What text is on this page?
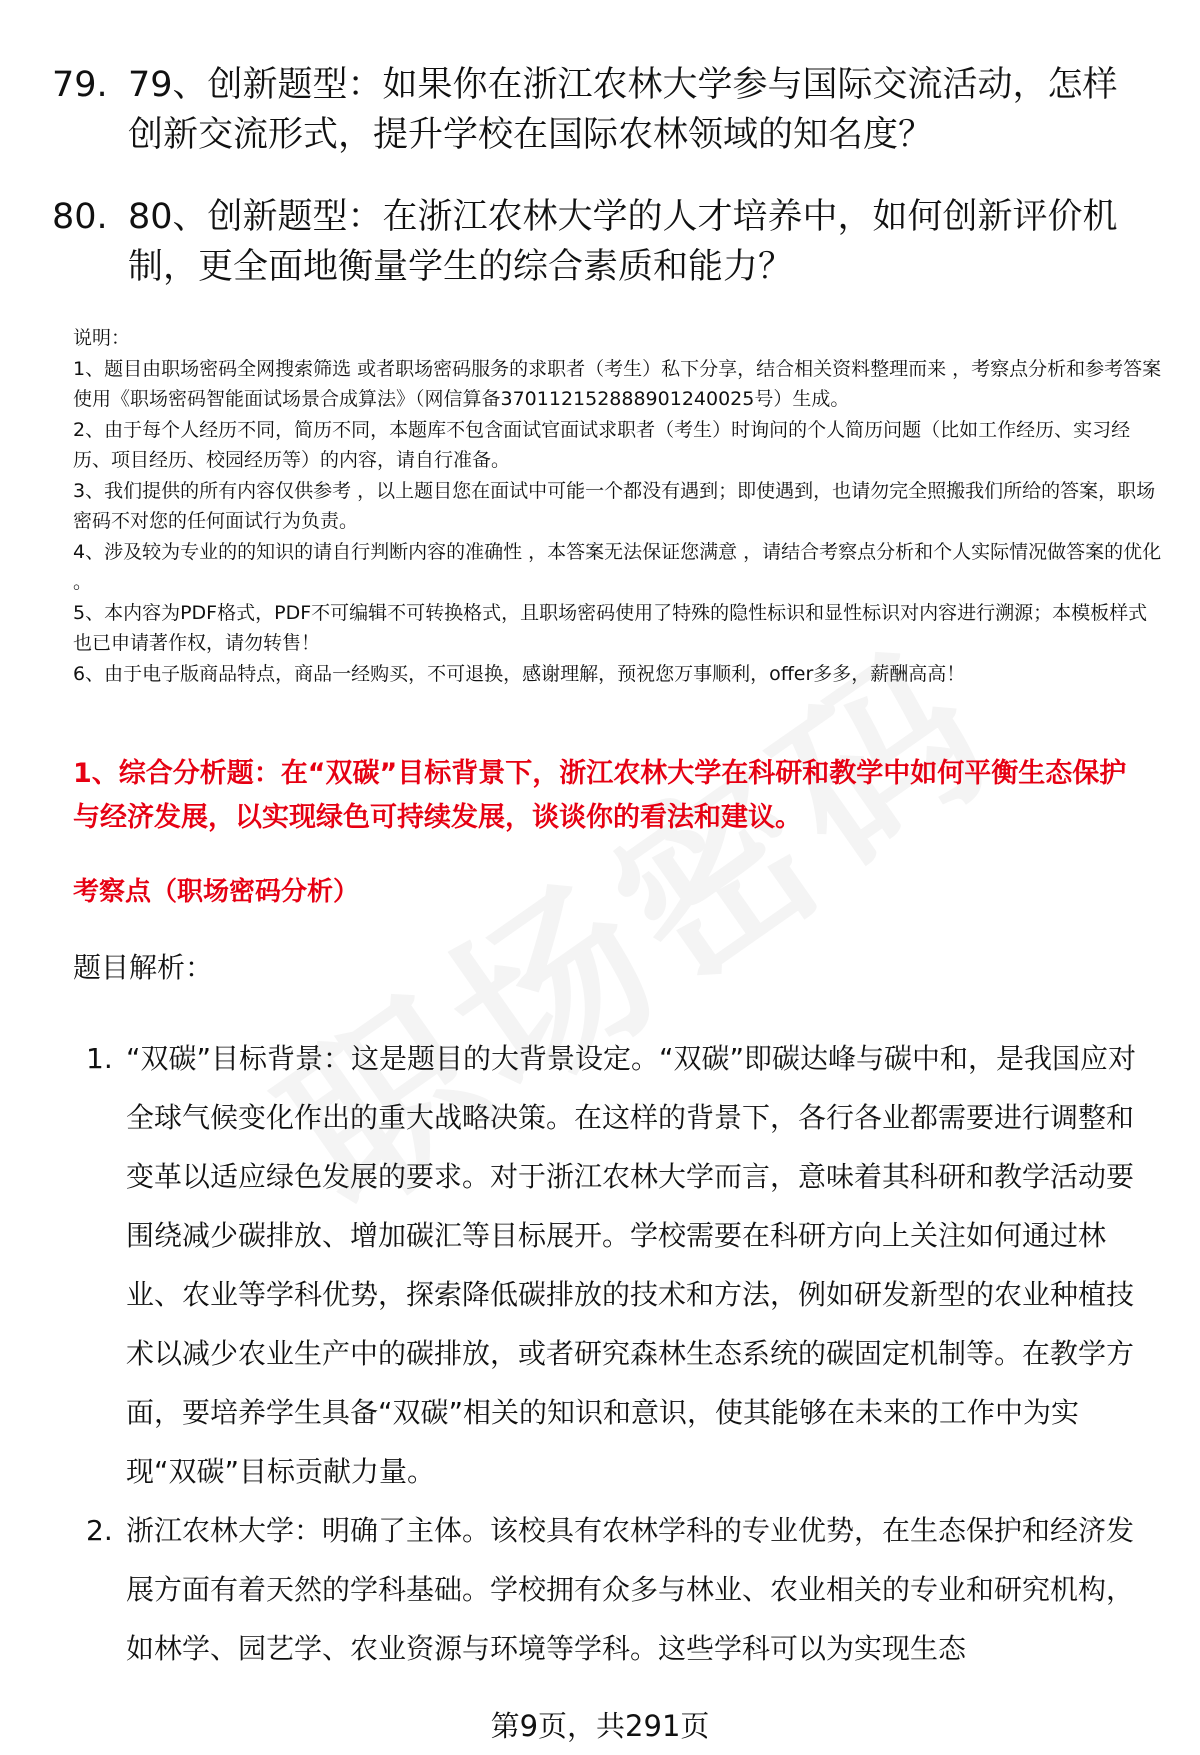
79. 79、创新题型：如果你在浙江农林大学参与国际交流活动，怎样创新交流形式，提升学校在国际农林领域的知名度？
80. 80、创新题型：在浙江农林大学的人才培养中，如何创新评价机制，更全面地衡量学生的综合素质和能力？

说明：

1、题目由职场密码全网搜索筛选 或者职场密码服务的求职者（考生）私下分享，结合相关资料整理而来 ，考察点分析和参考答案使用《职场密码智能面试场景合成算法》（网信算备370112152888901240025号）生成。

2、由于每个人经历不同，简历不同，本题库不包含面试官面试求职者（考生）时询问的个人简历问题（比如工作经历、实习经历、项目经历、校园经历等）的内容，请自行准备。

3、我们提供的所有内容仅供参考 ，以上题目您在面试中可能一个都没有遇到；即使遇到，也请勿完全照搬我们所给的答案，职场密码不对您的任何面试行为负责。

4、涉及较为专业的的知识的请自行判断内容的准确性 ，本答案无法保证您满意 ，请结合考察点分析和个人实际情况做答案的优化 。

5、本内容为PDF格式，PDF不可编辑不可转换格式，且职场密码使用了特殊的隐性标识和显性标识对内容进行溯源；本模板样式也已申请著作权，请勿转售！

6、由于电子版商品特点，商品一经购买，不可退换，感谢理解，预祝您万事顺利，offer多多，薪酬高高！

1、综合分析题：在“双碳”目标背景下，浙江农林大学在科研和教学中如何平衡生态保护与经济发展，以实现绿色可持续发展，谈谈你的看法和建议。
考察点（职场密码分析）
题目解析：
1. “双碳”目标背景：这是题目的大背景设定。“双碳”即碳达峰与碳中和，是我国应对全球气候变化作出的重大战略决策。在这样的背景下，各行各业都需要进行调整和变革以适应绿色发展的要求。对于浙江农林大学而言，意味着其科研和教学活动要围绕减少碳排放、增加碳汇等目标展开。学校需要在科研方向上关注如何通过林业、农业等学科优势，探索降低碳排放的技术和方法，例如研发新型的农业种植技术以减少农业生产中的碳排放，或者研究森林生态系统的碳固定机制等。在教学方面，要培养学生具备“双碳”相关的知识和意识，使其能够在未来的工作中为实现“双碳”目标贡献力量。
2. 浙江农林大学：明确了主体。该校具有农林学科的专业优势，在生态保护和经济发展方面有着天然的学科基础。学校拥有众多与林业、农业相关的专业和研究机构，如林学、园艺学、农业资源与环境等学科。这些学科可以为实现生态
第9页，共291页
